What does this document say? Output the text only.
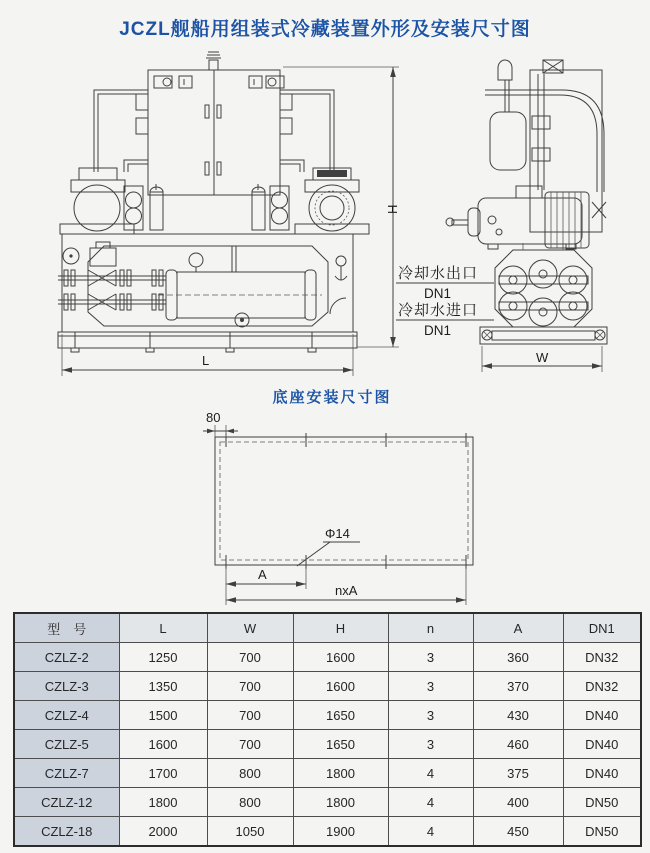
JCZL舰船用组装式冷藏装置外形及安装尺寸图
L
H
W
冷却水出口
DN1
冷却水进口
DN1
底座安装尺寸图
80
Φ14
A
nxA
型　号	L	W	H	n	A	DN1
CZLZ-2	1250	700	1600	3	360	DN32
CZLZ-3	1350	700	1600	3	370	DN32
CZLZ-4	1500	700	1650	3	430	DN40
CZLZ-5	1600	700	1650	3	460	DN40
CZLZ-7	1700	800	1800	4	375	DN40
CZLZ-12	1800	800	1800	4	400	DN50
CZLZ-18	2000	1050	1900	4	450	DN50
